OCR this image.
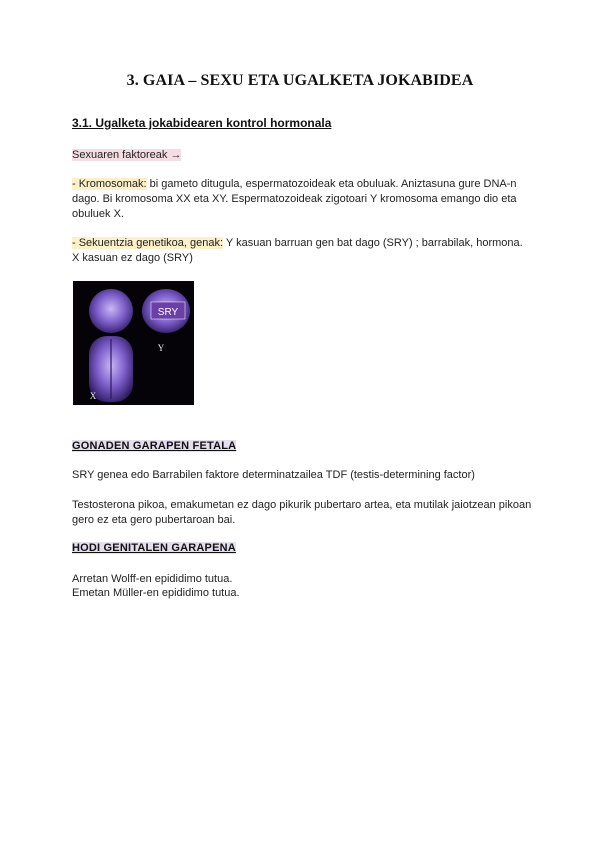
3. GAIA – SEXU ETA UGALKETA JOKABIDEA
3.1. Ugalketa jokabidearen kontrol hormonala
Sexuaren faktoreak →
- Kromosomak: bi gameto ditugula, espermatozoideak eta obuluak. Aniztasuna gure DNA-n dago. Bi kromosoma XX eta XY. Espermatozoideak zigotoari Y kromosoma emango dio eta obuluek X.
- Sekuentzia genetikoa, genak: Y kasuan barruan gen bat dago (SRY) ; barrabilak, hormona. X kasuan ez dago (SRY)
SRY
Y
X
GONADEN GARAPEN FETALA
SRY genea edo Barrabilen faktore determinatzailea TDF (testis-determining factor)
Testosterona pikoa, emakumetan ez dago pikurik pubertaro artea, eta mutilak jaiotzean pikoan gero ez eta gero pubertaroan bai.
HODI GENITALEN GARAPENA
Arretan Wolff-en epididimo tutua.
Emetan Müller-en epididimo tutua.
